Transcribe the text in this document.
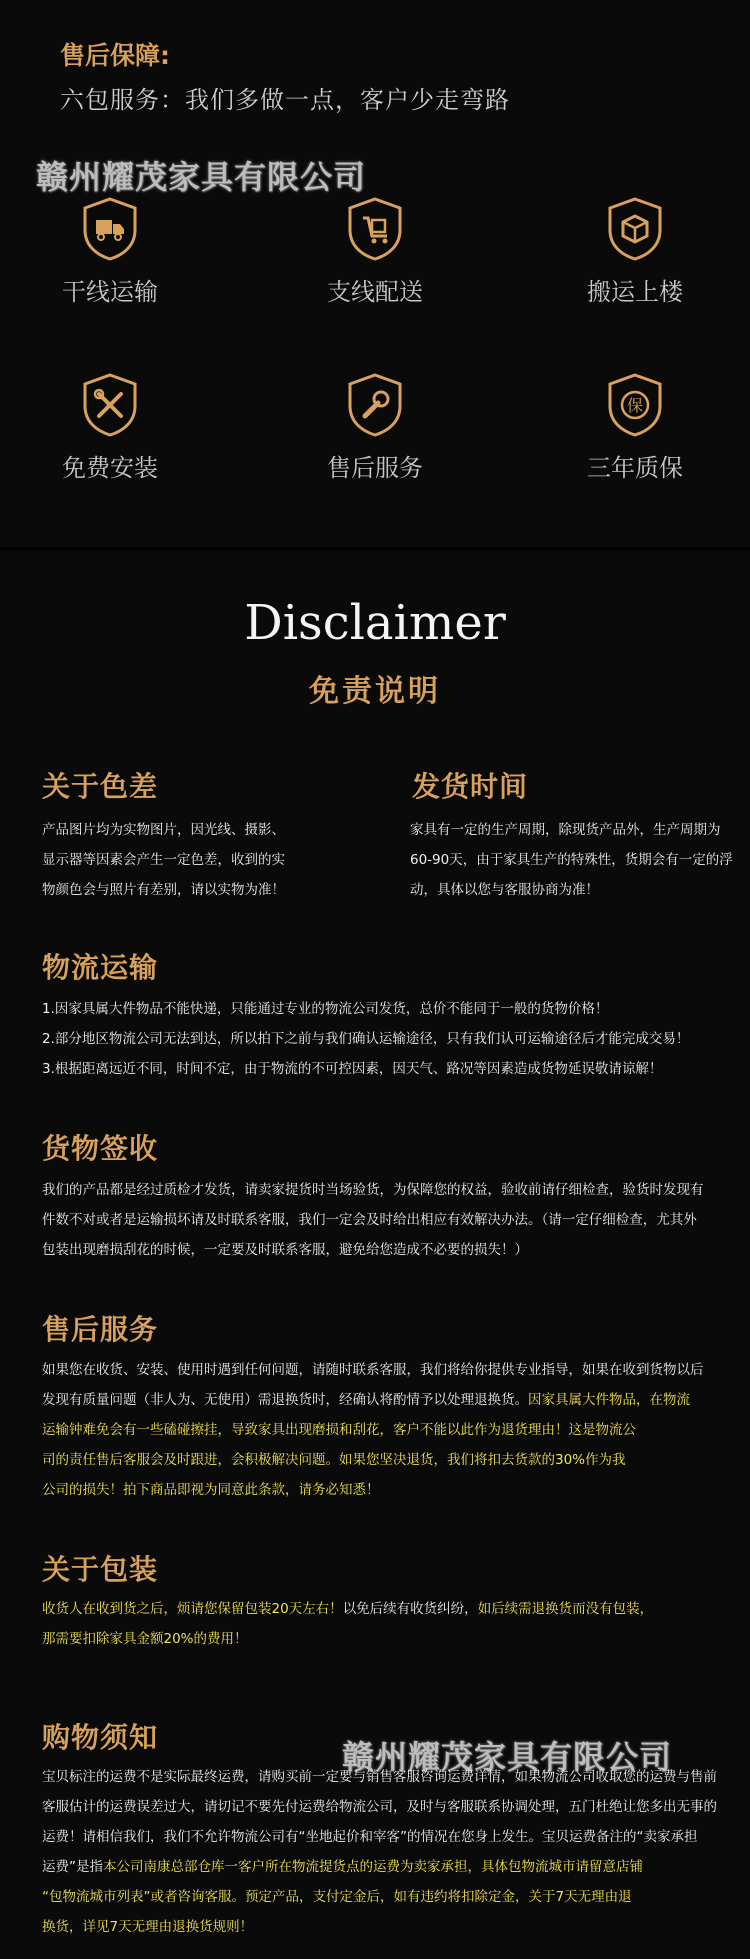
售后保障:
六包服务：我们多做一点，客户少走弯路
赣州耀茂家具有限公司
干线运输	支线配送	搬运上楼
免费安装	售后服务
保
三年质保
Disclaimer
免责说明
关于色差

产品图片均为实物图片，因光线、摄影、

显示器等因素会产生一定色差，收到的实

物颜色会与照片有差别，请以实物为准！

发货时间

家具有一定的生产周期，除现货产品外，生产周期为

60-90天，由于家具生产的特殊性，货期会有一定的浮

动，具体以您与客服协商为准！

物流运输

1.因家具属大件物品不能快递，只能通过专业的物流公司发货，总价不能同于一般的货物价格！

2.部分地区物流公司无法到达，所以拍下之前与我们确认运输途径，只有我们认可运输途径后才能完成交易！

3.根据距离远近不同，时间不定，由于物流的不可控因素，因天气、路况等因素造成货物延误敬请谅解！

货物签收

我们的产品都是经过质检才发货，请卖家提货时当场验货，为保障您的权益，验收前请仔细检查，验货时发现有

件数不对或者是运输损坏请及时联系客服，我们一定会及时给出相应有效解决办法。（请一定仔细检查，尤其外

包装出现磨损刮花的时候，一定要及时联系客服，避免给您造成不必要的损失！）

售后服务

如果您在收货、安装、使用时遇到任何问题，请随时联系客服，我们将给你提供专业指导，如果在收到货物以后

发现有质量问题（非人为、无使用）需退换货时，经确认将酌情予以处理退换货。因家具属大件物品，在物流

运输钟难免会有一些磕碰擦挂，导致家具出现磨损和刮花，客户不能以此作为退货理由！这是物流公

司的责任售后客服会及时跟进，会积极解决问题。如果您坚决退货，我们将扣去货款的30%作为我

公司的损失！拍下商品即视为同意此条款，请务必知悉！

关于包装

收货人在收到货之后，烦请您保留包装20天左右！以免后续有收货纠纷，如后续需退换货而没有包装，

那需要扣除家具金额20%的费用！

购物须知
赣州耀茂家具有限公司

宝贝标注的运费不是实际最终运费，请购买前一定要与销售客服咨询运费详情，如果物流公司收取您的运费与售前

客服估计的运费误差过大，请切记不要先付运费给物流公司，及时与客服联系协调处理，五门杜绝让您多出无事的

运费！请相信我们，我们不允许物流公司有“坐地起价和宰客”的情况在您身上发生。宝贝运费备注的“卖家承担

运费”是指本公司南康总部仓库一客户所在物流提货点的运费为卖家承担，具体包物流城市请留意店铺

“包物流城市列表”或者咨询客服。预定产品，支付定金后，如有违约将扣除定金，关于7天无理由退

换货，详见7天无理由退换货规则！
